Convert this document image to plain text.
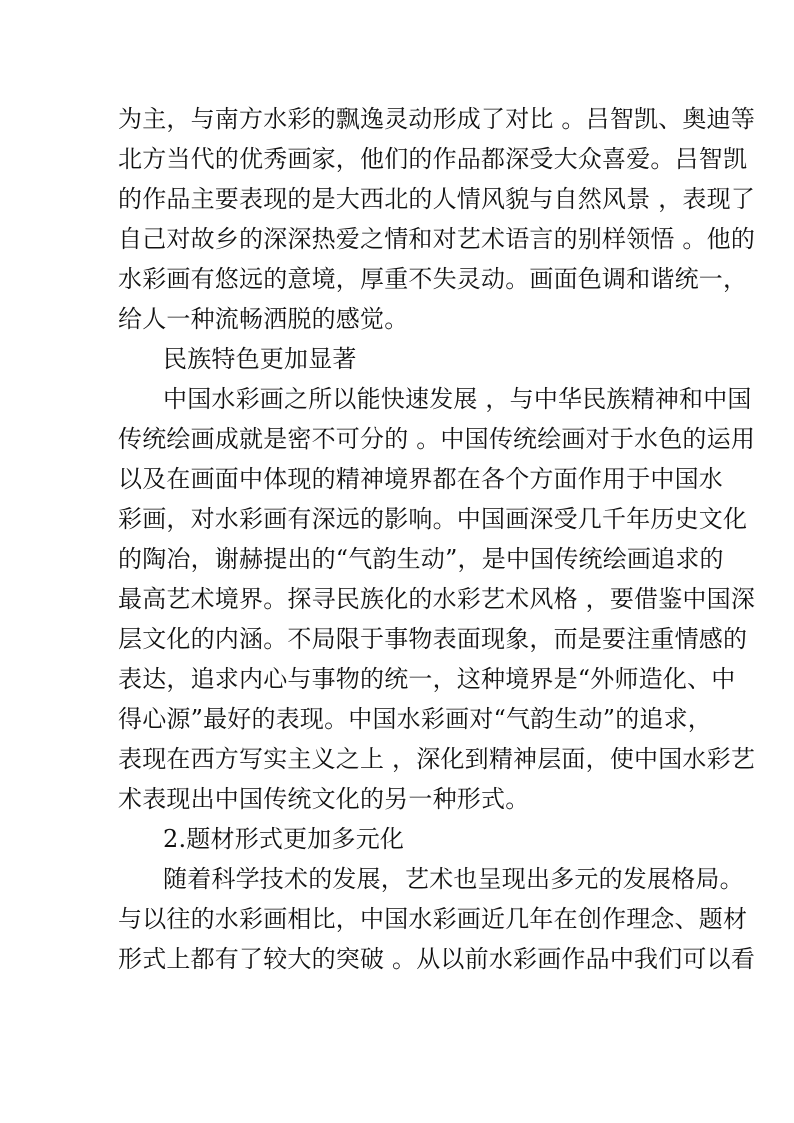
为主，与南方水彩的飘逸灵动形成了对比 。吕智凯、奥迪等
北方当代的优秀画家，他们的作品都深受大众喜爱。吕智凯
的作品主要表现的是大西北的人情风貌与自然风景 ，表现了
自己对故乡的深深热爱之情和对艺术语言的别样领悟 。他的
水彩画有悠远的意境，厚重不失灵动。画面色调和谐统一，
给人一种流畅洒脱的感觉。
民族特色更加显著
中国水彩画之所以能快速发展 ，与中华民族精神和中国
传统绘画成就是密不可分的 。中国传统绘画对于水色的运用
以及在画面中体现的精神境界都在各个方面作用于中国水
彩画，对水彩画有深远的影响。中国画深受几千年历史文化
的陶冶，谢赫提出的“气韵生动”，是中国传统绘画追求的
最高艺术境界。探寻民族化的水彩艺术风格 ，要借鉴中国深
层文化的内涵。不局限于事物表面现象，而是要注重情感的
表达，追求内心与事物的统一，这种境界是“外师造化、中
得心源”最好的表现。中国水彩画对“气韵生动”的追求，
表现在西方写实主义之上 ，深化到精神层面，使中国水彩艺
术表现出中国传统文化的另一种形式。
2.题材形式更加多元化
随着科学技术的发展，艺术也呈现出多元的发展格局。
与以往的水彩画相比，中国水彩画近几年在创作理念、题材
形式上都有了较大的突破 。从以前水彩画作品中我们可以看
